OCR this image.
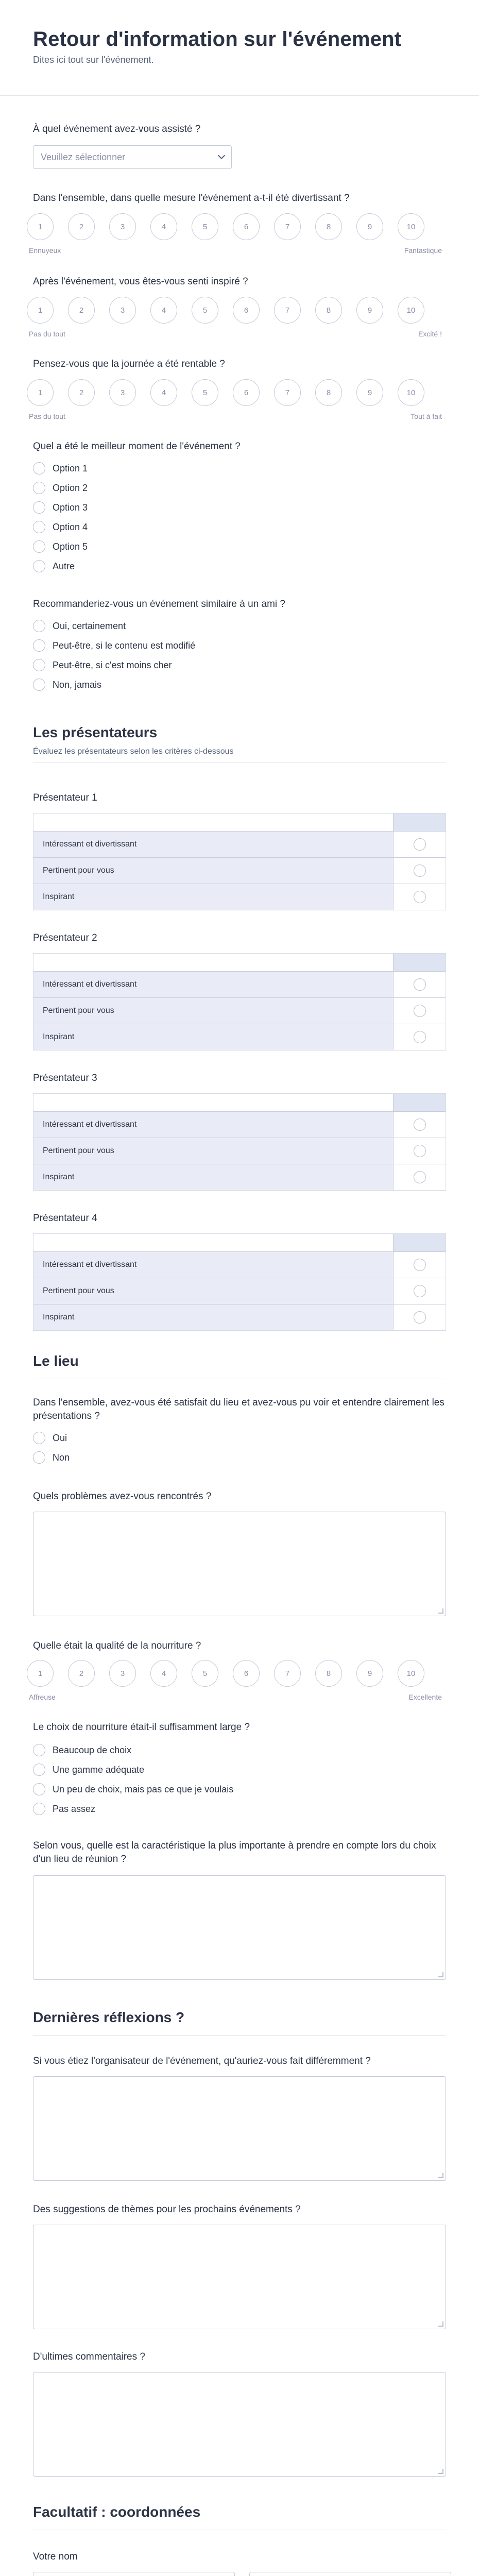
Retour d'information sur l'événement
Dites ici tout sur l'événement.
À quel événement avez-vous assisté ?
Veuillez sélectionner
Dans l'ensemble, dans quelle mesure l'événement a-t-il été divertissant ?
1	2	3	4	5	6	7	8	9	10
Ennuyeux	Fantastique
Après l'événement, vous êtes-vous senti inspiré ?
1	2	3	4	5	6	7	8	9	10
Pas du tout	Excité !
Pensez-vous que la journée a été rentable ?
1	2	3	4	5	6	7	8	9	10
Pas du tout	Tout à fait
Quel a été le meilleur moment de l'événement ?
Option 1
Option 2
Option 3
Option 4
Option 5
Autre
Recommanderiez-vous un événement similaire à un ami ?
Oui, certainement
Peut-être, si le contenu est modifié
Peut-être, si c'est moins cher
Non, jamais
Les présentateurs
Évaluez les présentateurs selon les critères ci-dessous
Présentateur 1
Intéressant et divertissant
Pertinent pour vous
Inspirant
Présentateur 2
Intéressant et divertissant
Pertinent pour vous
Inspirant
Présentateur 3
Intéressant et divertissant
Pertinent pour vous
Inspirant
Présentateur 4
Intéressant et divertissant
Pertinent pour vous
Inspirant
Le lieu
Dans l'ensemble, avez-vous été satisfait du lieu et avez-vous pu voir et entendre clairement les présentations ?
Oui
Non
Quels problèmes avez-vous rencontrés ?
Quelle était la qualité de la nourriture ?
1	2	3	4	5	6	7	8	9	10
Affreuse	Excellente
Le choix de nourriture était-il suffisamment large ?
Beaucoup de choix
Une gamme adéquate
Un peu de choix, mais pas ce que je voulais
Pas assez
Selon vous, quelle est la caractéristique la plus importante à prendre en compte lors du choix d'un lieu de réunion ?
Dernières réflexions ?
Si vous étiez l'organisateur de l'événement, qu'auriez-vous fait différemment ?
Des suggestions de thèmes pour les prochains événements ?
D'ultimes commentaires ?
Facultatif : coordonnées
Votre nom
